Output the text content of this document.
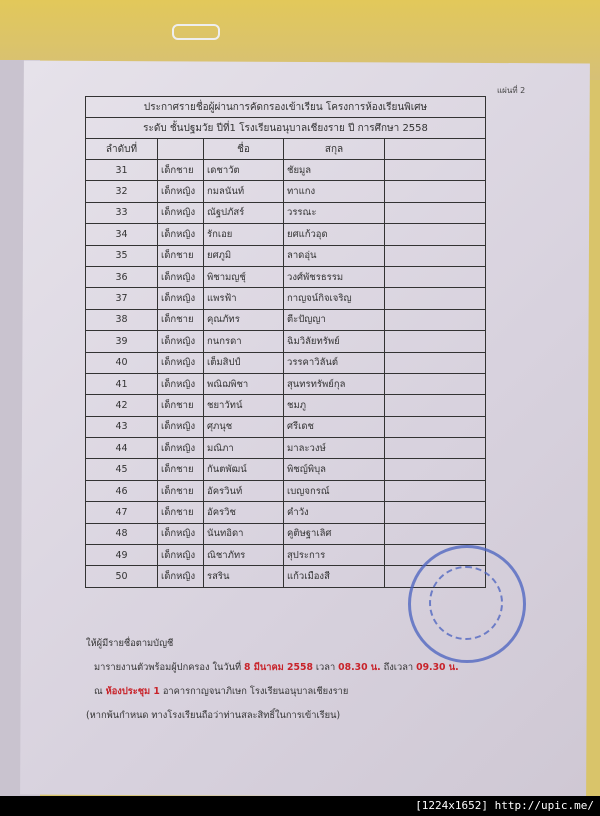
แผ่นที่ 2
ประกาศรายชื่อผู้ผ่านการคัดกรองเข้าเรียน โครงการห้องเรียนพิเศษ				
ระดับ ชั้นปฐมวัย ปีที่1 โรงเรียนอนุบาลเชียงราย ปี การศึกษา 2558				
ลำดับที่		ชื่อ	สกุล	
31	เด็กชาย	เดชาวัต	ชัยมูล	
32	เด็กหญิง	กมลนันท์	ทาแกง	
33	เด็กหญิง	ณัฐปภัสร์	วรรณะ	
34	เด็กหญิง	รักเอย	ยศแก้วอุด	
35	เด็กชาย	ยศภูมิ	ลาดอุ่น	
36	เด็กหญิง	พิชามญชุ์	วงศ์พัชรธรรม	
37	เด็กหญิง	แพรฟ้า	กาญจน์กิจเจริญ	
38	เด็กชาย	คุณภัทร	ตีะปัญญา	
39	เด็กหญิง	กนกรดา	ฉิมวิลัยทรัพย์	
40	เด็กหญิง	เต็มสิปป์	วรรคาวิลันต์	
41	เด็กหญิง	พณิฌพิชา	สุนทรทรัพย์กุล	
42	เด็กชาย	ชยาวัทน์	ชมภู	
43	เด็กหญิง	ศุภนุช	ศรีเดช	
44	เด็กหญิง	มณิภา	มาละวงษ์	
45	เด็กชาย	กันตพัฒน์	พิชญ์พิบุล	
46	เด็กชาย	อัครวินท์	เบญจกรณ์	
47	เด็กชาย	อัครวิช	คำวัง	
48	เด็กหญิง	นันทอิดา	คูติษฐาเลิศ	
49	เด็กหญิง	ณิชาภัทร	สุประการ	
50	เด็กหญิง	รสริน	แก้วเมืองสี	
ให้ผู้มีรายชื่อตามบัญชี
มารายงานตัวพร้อมผู้ปกครอง ในวันที่ 8 มีนาคม 2558 เวลา 08.30 น. ถึงเวลา 09.30 น.
ณ ห้องประชุม 1 อาคารกาญจนาภิเษก โรงเรียนอนุบาลเชียงราย
(หากพ้นกำหนด ทางโรงเรียนถือว่าท่านสละสิทธิ์ในการเข้าเรียน)
[1224x1652] http://upic.me/
